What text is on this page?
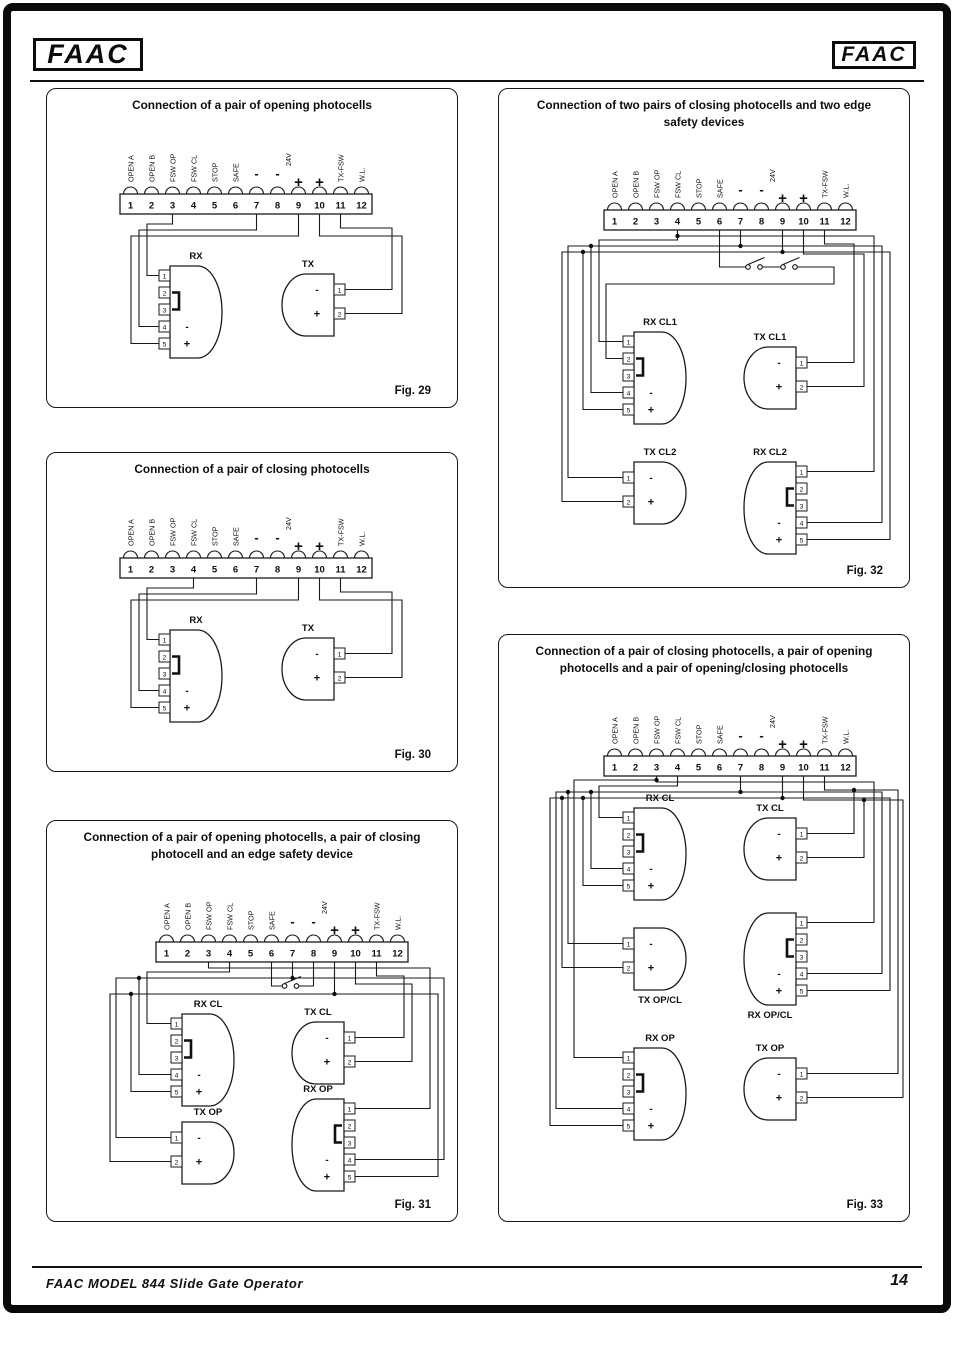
FAAC	FAAC
Connection of a pair of opening photocells
1 2 3 4 5 6 7 8 9 10 11 12
OPEN A OPEN B FSW OP FSW CL STOP SAFE	TX-FSW W.L.
24V
- -
+ +
RX
1
2
3
4
5
-
+
TX
1
2
-
+
Fig. 29
Connection of a pair of closing photocells
1 2 3 4 5 6 7 8 9 10 11 12
OPEN A OPEN B FSW OP FSW CL STOP SAFE	TX-FSW W.L.
24V
- -
+ +
RX
1
2
3
4
5
-
+
TX
1
2
-
+
Fig. 30
Connection of a pair of opening photocells, a pair of closing photocell and an edge safety device
1 2 3 4 5 6 7 8 9 10 11 12
OPEN A OPEN B FSW OP FSW CL STOP SAFE	TX-FSW W.L.
24V
- -
+ +
RX CL
1
2
3
4
5
-
+
TX CL
1
2
-
+
TX OP
1
2
-
+
RX OP
1
2
3
4
5
-
+
Fig. 31
Connection of two pairs of closing photocells and two edge safety devices
1 2 3 4 5 6 7 8 9 10 11 12
OPEN A OPEN B FSW OP FSW CL STOP SAFE	TX-FSW W.L.
24V
- -
+ +
RX CL1
1
2
3
4
5
-
+
TX CL1
1
2
-
+
TX CL2
1
2
-
+
RX CL2
1
2
3
4
5
-
+
Fig. 32
Connection of a pair of closing photocells, a pair of opening photocells and a pair of opening/closing photocells
1 2 3 4 5 6 7 8 9 10 11 12
OPEN A OPEN B FSW OP FSW CL STOP SAFE	TX-FSW W.L.
24V
- -
+ +
RX CL
1
2
3
4
5
-
+
TX CL
1
2
-
+
TX OP/CL
1
2
-
+
RX OP/CL
1
2
3
4
5
-
+
RX OP
1
2
3
4
5
-
+
TX OP
1
2
-
+
Fig. 33
FAAC MODEL 844 Slide Gate Operator	14
